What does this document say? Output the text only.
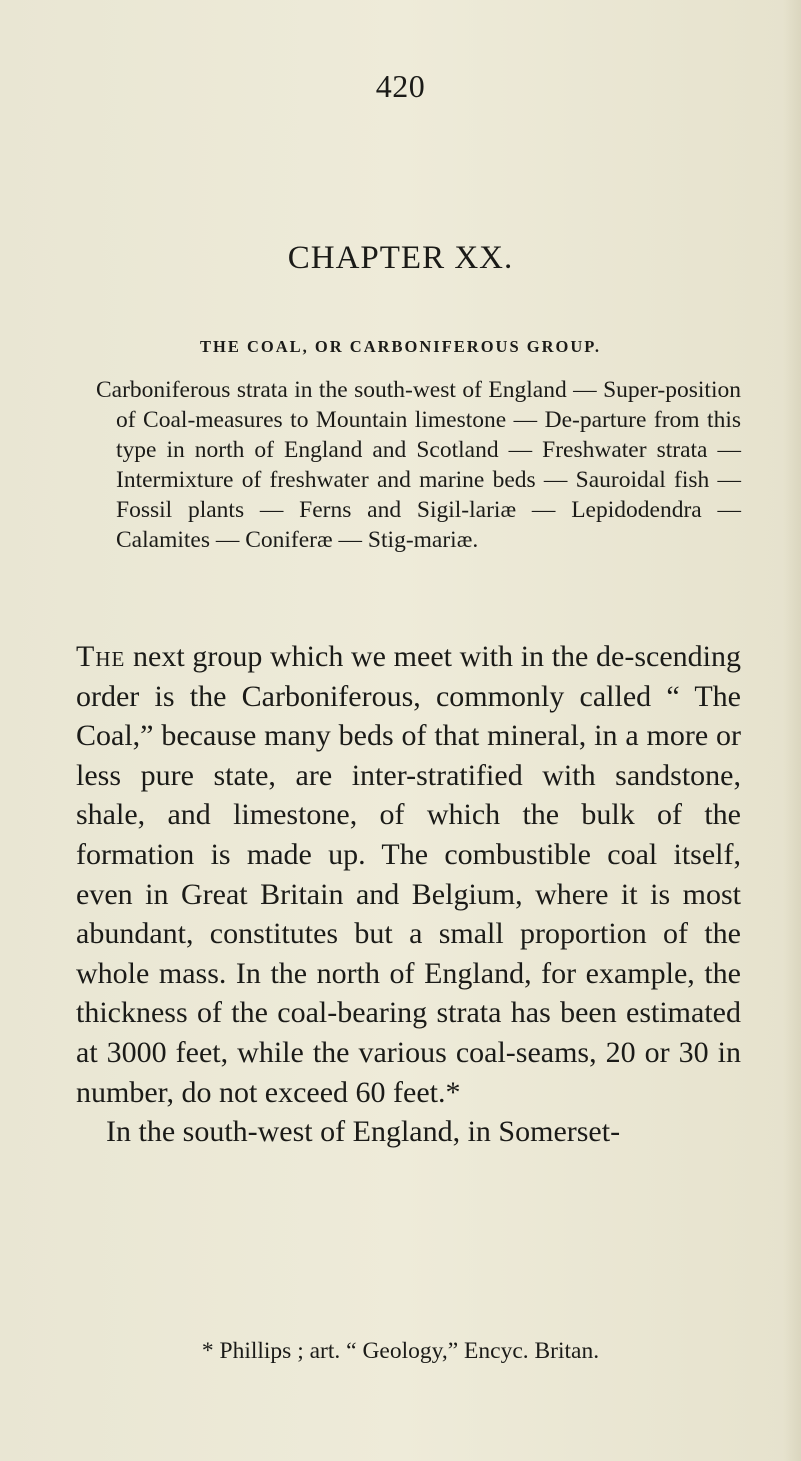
420
CHAPTER XX.
THE COAL, OR CARBONIFEROUS GROUP.
Carboniferous strata in the south-west of England — Super-position of Coal-measures to Mountain limestone — De-parture from this type in north of England and Scotland — Freshwater strata — Intermixture of freshwater and marine beds — Sauroidal fish — Fossil plants — Ferns and Sigil-lariæ — Lepidodendra — Calamites — Coniferæ — Stig-mariæ.

The next group which we meet with in the de-scending order is the Carboniferous, commonly called “ The Coal,” because many beds of that mineral, in a more or less pure state, are inter-stratified with sandstone, shale, and limestone, of which the bulk of the formation is made up. The combustible coal itself, even in Great Britain and Belgium, where it is most abundant, constitutes but a small proportion of the whole mass. In the north of England, for example, the thickness of the coal-bearing strata has been estimated at 3000 feet, while the various coal-seams, 20 or 30 in number, do not exceed 60 feet.*

In the south-west of England, in Somerset-

* Phillips ; art. “ Geology,” Encyc. Britan.
